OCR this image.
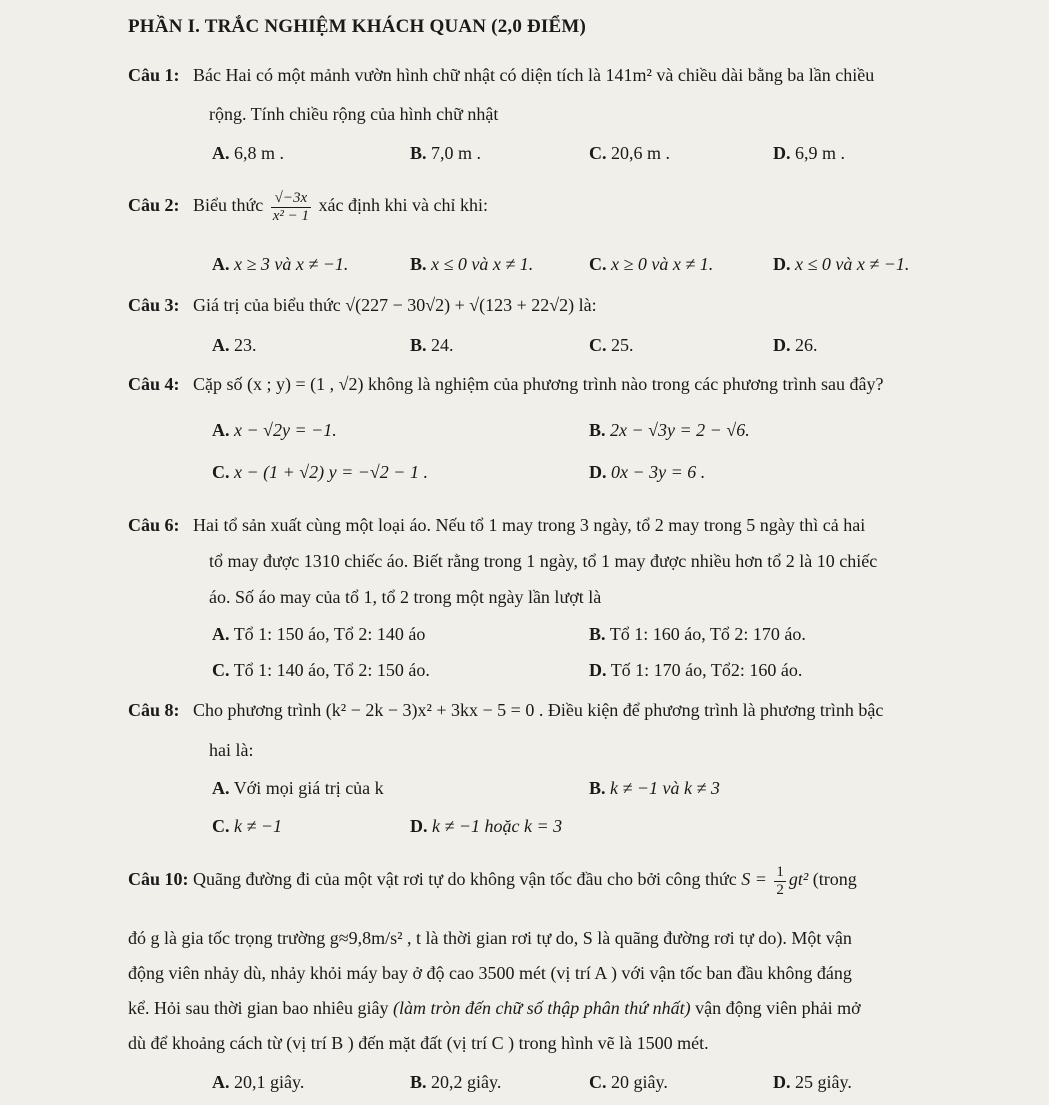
PHẦN I. TRẮC NGHIỆM KHÁCH QUAN (2,0 ĐIỂM)
Câu 1: Bác Hai có một mảnh vườn hình chữ nhật có diện tích là 141m² và chiều dài bằng ba lần chiều
rộng. Tính chiều rộng của hình chữ nhật
A. 6,8 m .	B. 7,0 m .	C. 20,6 m .	D. 6,9 m .
Câu 2: Biểu thức $\frac{√-3x}{\text{x² − 1}}$ xác định khi và chỉ khi:
A. x ≥ 3 và x ≠ −1.	B. x ≤ 0 và x ≠ 1.	C. x ≥ 0 và x ≠ 1.	D. x ≤ 0 và x ≠ −1.
Câu 3: Giá trị của biểu thức √(227 − 30√2) + √(123 + 22√2) là:
A. 23.	B. 24.	C. 25.	D. 26.
Câu 4: Cặp số (x ; y) = (1 , √2) không là nghiệm của phương trình nào trong các phương trình sau đây?
A. x − √2y = −1.	B. 2x − √3y = 2 − √6.
C. x − (1 + √2) y = −√2 − 1 .	D. 0x − 3y = 6 .
Câu 6: Hai tổ sản xuất cùng một loại áo. Nếu tổ 1 may trong 3 ngày, tổ 2 may trong 5 ngày thì cả hai
tổ may được 1310 chiếc áo. Biết rằng trong 1 ngày, tổ 1 may được nhiều hơn tổ 2 là 10 chiếc
áo. Số áo may của tổ 1, tổ 2 trong một ngày lần lượt là
A. Tổ 1: 150 áo, Tổ 2: 140 áo	B. Tổ 1: 160 áo, Tổ 2: 170 áo.
C. Tổ 1: 140 áo, Tổ 2: 150 áo.	D. Tố 1: 170 áo, Tổ2: 160 áo.
Câu 8: Cho phương trình (k² − 2k − 3)x² + 3kx − 5 = 0 . Điều kiện để phương trình là phương trình bậc
hai là:
A. Với mọi giá trị của k	B. k ≠ −1 và k ≠ 3
C. k ≠ −1	D. k ≠ −1 hoặc k = 3
Câu 10: Quãng đường đi của một vật rơi tự do không vận tốc đầu cho bởi công thức $S = \frac{1}{2} gt^2$ (trong
đó g là gia tốc trọng trường g≈9,8m/s² , t là thời gian rơi tự do, S là quãng đường rơi tự do). Một vận
động viên nhảy dù, nhảy khỏi máy bay ở độ cao 3500 mét (vị trí A ) với vận tốc ban đầu không đáng
kể. Hỏi sau thời gian bao nhiêu giây (làm tròn đến chữ số thập phân thứ nhất) vận động viên phải mở
dù để khoảng cách từ (vị trí B ) đến mặt đất (vị trí C ) trong hình vẽ là 1500 mét.
A. 20,1 giây.	B. 20,2 giây.	C. 20 giây.	D. 25 giây.
